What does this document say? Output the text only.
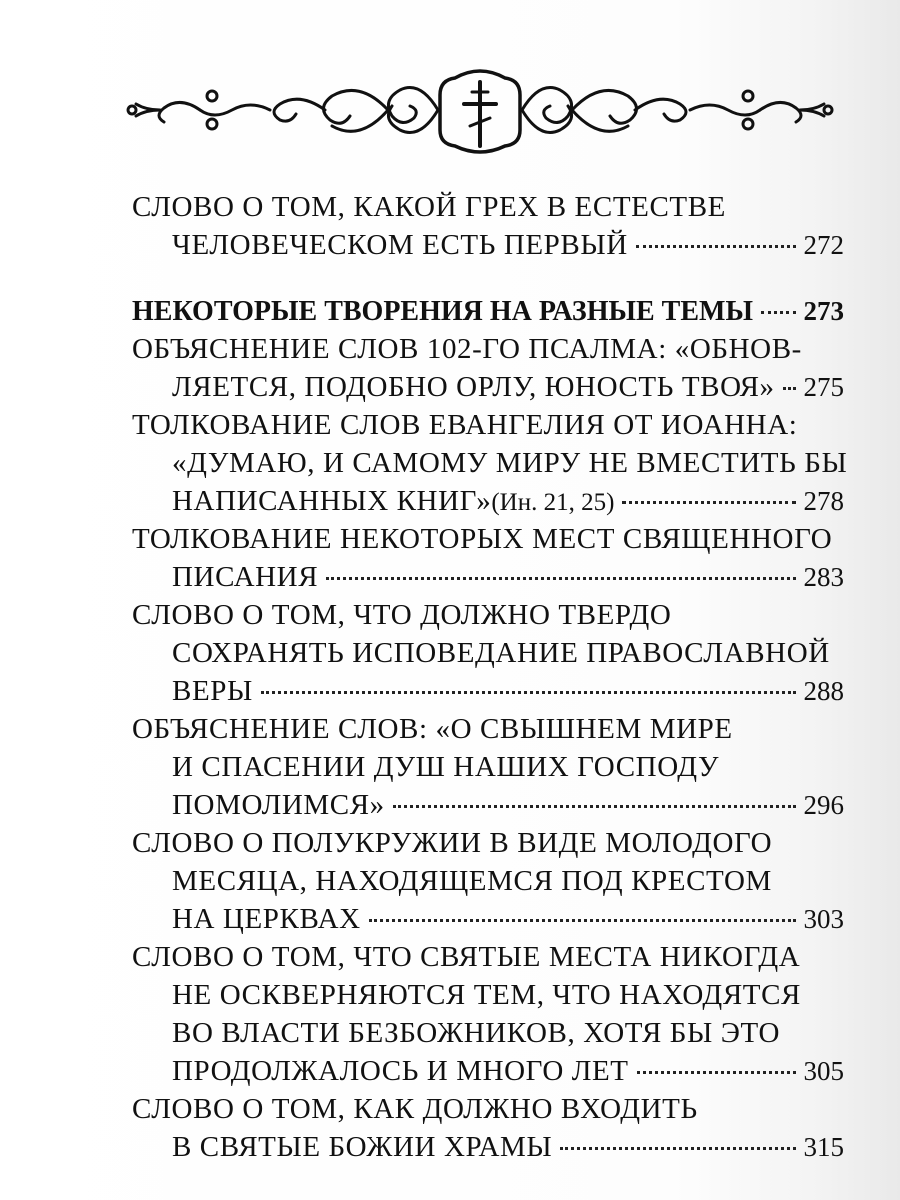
СЛОВО О ТОМ, КАКОЙ ГРЕХ В ЕСТЕСТВЕ
ЧЕЛОВЕЧЕСКОМ ЕСТЬ ПЕРВЫЙ	272
НЕКОТОРЫЕ ТВОРЕНИЯ НА РАЗНЫЕ ТЕМЫ 273
ОБЪЯСНЕНИЕ СЛОВ 102-ГО ПСАЛМА: «ОБНОВ-
ЛЯЕТСЯ, ПОДОБНО ОРЛУ, ЮНОСТЬ ТВОЯ» 275
ТОЛКОВАНИЕ СЛОВ ЕВАНГЕЛИЯ ОТ ИОАННА:
«ДУМАЮ, И САМОМУ МИРУ НЕ ВМЕСТИТЬ БЫ
НАПИСАННЫХ КНИГ» (Ин. 21, 25)	278
ТОЛКОВАНИЕ НЕКОТОРЫХ МЕСТ СВЯЩЕННОГО
ПИСАНИЯ	283
СЛОВО О ТОМ, ЧТО ДОЛЖНО ТВЕРДО
СОХРАНЯТЬ ИСПОВЕДАНИЕ ПРАВОСЛАВНОЙ
ВЕРЫ	288
ОБЪЯСНЕНИЕ СЛОВ: «О СВЫШНЕМ МИРЕ
И СПАСЕНИИ ДУШ НАШИХ ГОСПОДУ
ПОМОЛИМСЯ»	296
СЛОВО О ПОЛУКРУЖИИ В ВИДЕ МОЛОДОГО
МЕСЯЦА, НАХОДЯЩЕМСЯ ПОД КРЕСТОМ
НА ЦЕРКВАХ	303
СЛОВО О ТОМ, ЧТО СВЯТЫЕ МЕСТА НИКОГДА
НЕ ОСКВЕРНЯЮТСЯ ТЕМ, ЧТО НАХОДЯТСЯ
ВО ВЛАСТИ БЕЗБОЖНИКОВ, ХОТЯ БЫ ЭТО
ПРОДОЛЖАЛОСЬ И МНОГО ЛЕТ	305
СЛОВО О ТОМ, КАК ДОЛЖНО ВХОДИТЬ
В СВЯТЫЕ БОЖИИ ХРАМЫ	315
